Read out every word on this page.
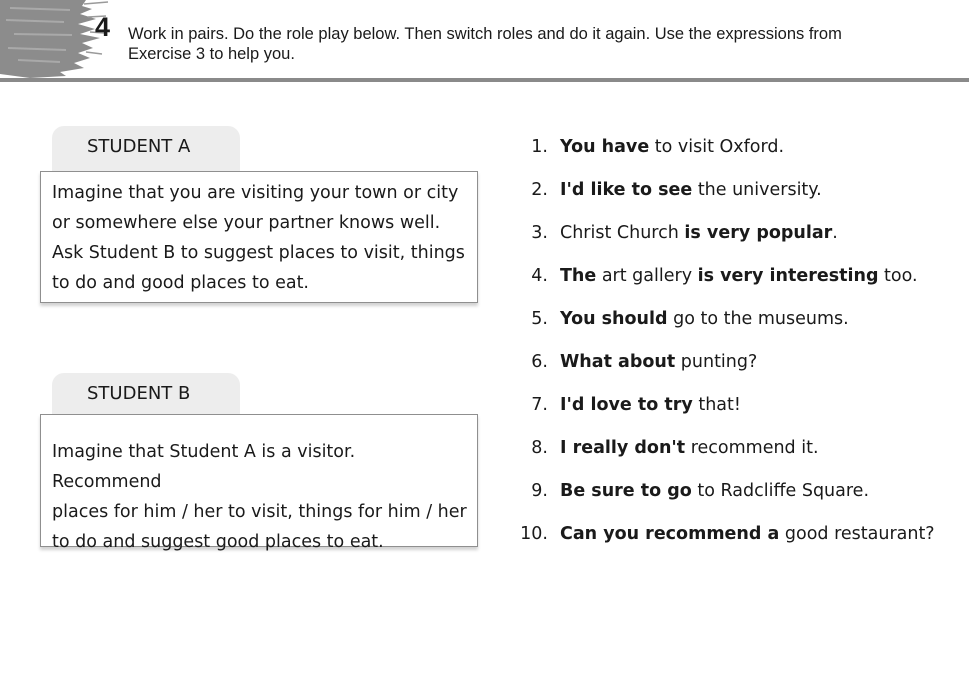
4 Work in pairs. Do the role play below. Then switch roles and do it again. Use the expressions from
Exercise 3 to help you.
STUDENT A
Imagine that you are visiting your town or city
or somewhere else your partner knows well.
Ask Student B to suggest places to visit, things
to do and good places to eat.
STUDENT B
Imagine that Student A is a visitor. Recommend
places for him / her to visit, things for him / her
to do and suggest good places to eat.
1. You have to visit Oxford.
2. I'd like to see the university.
3. Christ Church is very popular.
4. The art gallery is very interesting too.
5. You should go to the museums.
6. What about punting?
7. I'd love to try that!
8. I really don't recommend it.
9. Be sure to go to Radcliffe Square.
10. Can you recommend a good restaurant?
